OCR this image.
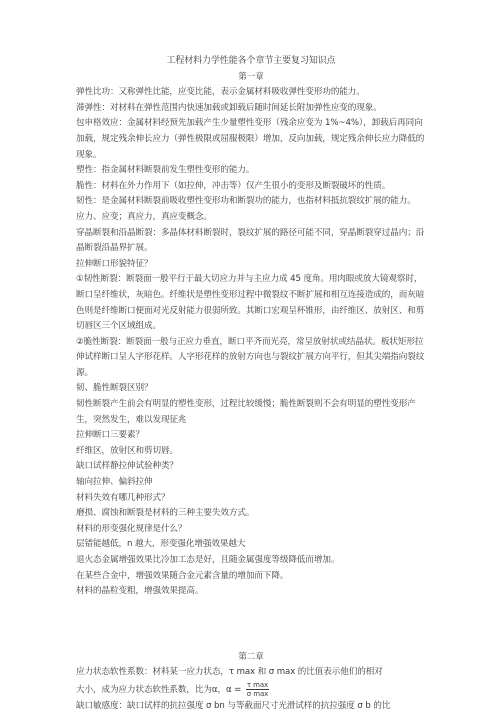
工程材料力学性能各个章节主要复习知识点
第一章

弹性比功：又称弹性比能，应变比能，表示金属材料吸收弹性变形功的能力。

滞弹性：对材料在弹性范围内快速加载或卸载后随时间延长附加弹性应变的现象。

包申格效应：金属材料经预先加载产生少量塑性变形（残余应变为 1%~4%），卸载后再同向加载，规定残余伸长应力（弹性极限或屈服极限）增加，反向加载，规定残余伸长应力降低的现象。

塑性：指金属材料断裂前发生塑性变形的能力。

脆性：材料在外力作用下（如拉伸，冲击等）仅产生很小的变形及断裂破坏的性质。

韧性：是金属材料断裂前吸收塑性变形功和断裂功的能力，也指材料抵抗裂纹扩展的能力。

应力、应变；真应力，真应变概念。

穿晶断裂和沿晶断裂：多晶体材料断裂时，裂纹扩展的路径可能不同，穿晶断裂穿过晶内；沿晶断裂沿晶界扩展。

拉伸断口形貌特征？

①韧性断裂：断裂面一般平行于最大切应力并与主应力成 45 度角。用肉眼或放大镜观察时，断口呈纤维状，灰暗色。纤维状是塑性变形过程中微裂纹不断扩展和相互连接造成的，而灰暗色则是纤维断口便面对光反射能力很弱所致。其断口宏观呈杯锥形，由纤维区、放射区、和剪切唇区三个区域组成。

②脆性断裂：断裂面一般与正应力垂直，断口平齐而光亮，常呈放射状或结晶状。板状矩形拉伸试样断口呈人字形花样。人字形花样的放射方向也与裂纹扩展方向平行，但其尖端指向裂纹源。

韧、脆性断裂区别？

韧性断裂产生前会有明显的塑性变形，过程比较缓慢；脆性断裂则不会有明显的塑性变形产生，突然发生，难以发现征兆

拉伸断口三要素？

纤维区，放射区和剪切唇。

缺口试样静拉伸试验种类？

轴向拉伸、偏斜拉伸

材料失效有哪几种形式？

磨损、腐蚀和断裂是材料的三种主要失效方式。

材料的形变强化规律是什么？

层错能越低，n 越大，形变强化增强效果越大

退火态金属增强效果比冷加工态是好，且随金属强度等级降低而增加。

在某些合金中，增强效果随合金元素含量的增加而下降。

材料的晶粒变粗，增强效果提高。

第二章

应力状态软性系数：材料某一应力状态，τ max 和 σ max 的比值表示他们的相对

大小，成为应力状态软性系数，比为α，$\alpha = \frac{\text{τ max}}{\text{σ max}}$

缺口敏感度：缺口试样的抗拉强度 σ bn 与等截面尺寸光滑试样的抗拉强度 σ b 的比
